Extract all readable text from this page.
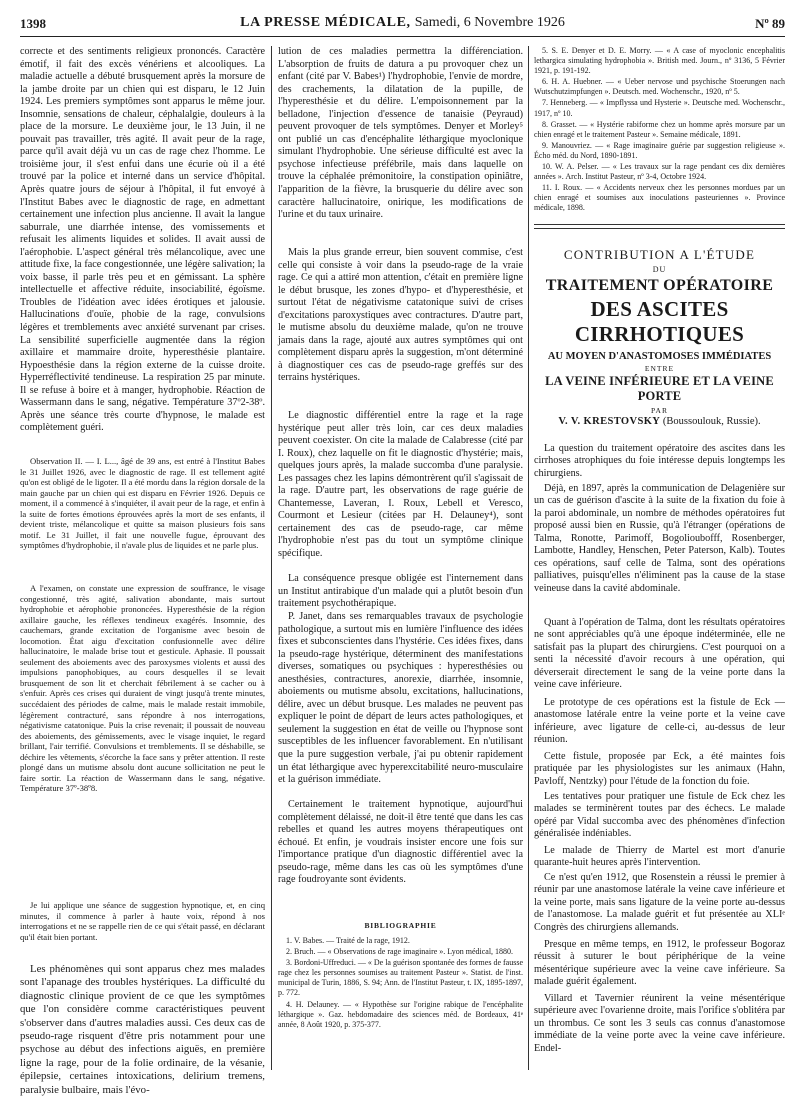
1398	LA PRESSE MÉDICALE, Samedi, 6 Novembre 1926	Nº 89

correcte et des sentiments religieux prononcés. Caractère émotif, il fait des excès vénériens et alcooliques. La maladie actuelle a débuté brusquement après la morsure de la jambe droite par un chien qui est disparu, le 12 Juin 1924. Les premiers symptômes sont apparus le même jour. Insomnie, sensations de chaleur, céphalalgie, douleurs à la place de la morsure. Le deuxième jour, le 13 Juin, il ne pouvait pas travailler, très agité. Il avait peur de la rage, parce qu'il avait déjà vu un cas de rage chez l'homme. Le troisième jour, il s'est enfui dans une écurie où il a été trouvé par la police et interné dans un service d'hôpital. Après quatre jours de séjour à l'hôpital, il fut envoyé à l'Institut Babes avec le diagnostic de rage, en admettant certainement une infection plus ancienne. Il avait la langue saburrale, une diarrhée intense, des vomissements et refusait les aliments liquides et solides. Il avait aussi de l'aérophobie. L'aspect général très mélancolique, avec une attitude fixe, la face congestionnée, une légère salivation; la voix basse, il parle très peu et en gémissant. La sphère intellectuelle et affective réduite, insociabilité, égoïsme. Troubles de l'idéation avec idées érotiques et jalousie. Hallucinations d'ouïe, phobie de la rage, convulsions légères et tremblements avec anxiété survenant par crises. La sensibilité superficielle augmentée dans la région axillaire et mammaire droite, hyperesthésie plantaire. Hypoesthésie dans la région externe de la cuisse droite. Hyperréflectivité tendineuse. La respiration 25 par minute. Il se refuse à boire et à manger, hydrophobie. Réaction de Wassermann dans le sang, négative. Température 37º2-38º. Après une séance très courte d'hypnose, le malade est complètement guéri.

Observation II. — I. L..., âgé de 39 ans, est entré à l'Institut Babes le 31 Juillet 1926, avec le diagnostic de rage. Il est tellement agité qu'on est obligé de le ligoter. Il a été mordu dans la région dorsale de la main gauche par un chien qui est disparu en Février 1926. Depuis ce moment, il a commencé à s'inquiéter, il avait peur de la rage, et enfin à la suite de fortes émotions éprouvées après la mort de ses enfants, il devient triste, mélancolique et quitte sa maison plusieurs fois sans motif. Le 31 Juillet, il fait une nouvelle fugue, éprouvant des symptômes d'hydrophobie, il n'avale plus de liquides et ne parle plus.

A l'examen, on constate une expression de souffrance, le visage congestionné, très agité, salivation abondante, mais surtout hydrophobie et aérophobie prononcées. Hyperesthésie de la région axillaire gauche, les réflexes tendineux exagérés. Insomnie, des cauchemars, grande excitation de l'organisme avec besoin de locomotion. État aigu d'excitation confusionnelle avec délire hallucinatoire, le malade brise tout et gesticule. Aphasie. Il poussait seulement des aboiements avec des paroxysmes violents et aussi des impulsions panophobiques, au cours desquelles il se levait brusquement de son lit et cherchait fébrilement à se cacher ou à s'enfuir. Après ces crises qui duraient de vingt jusqu'à trente minutes, succédaient des périodes de calme, mais le malade restait immobile, légèrement contracturé, sans répondre à nos interrogations, négativisme catatonique. Puis la crise revenait; il poussait de nouveau des aboiements, des gémissements, avec le visage inquiet, le regard brillant, l'air terrifié. Convulsions et tremblements. Il se déshabille, se déchire les vêtements, s'écorche la face sans y prêter attention. Il reste plongé dans un mutisme absolu dont aucune sollicitation ne peut le faire sortir. La réaction de Wassermann dans le sang, négative. Température 37º-38º8.

Je lui applique une séance de suggestion hypnotique, et, en cinq minutes, il commence à parler à haute voix, répond à nos interrogations et ne se rappelle rien de ce qui s'était passé, en déclarant qu'il était bien portant.

Les phénomènes qui sont apparus chez mes malades sont l'apanage des troubles hystériques. La difficulté du diagnostic clinique provient de ce que les symptômes que l'on considère comme caractéristiques peuvent s'observer dans d'autres maladies aussi. Ces deux cas de pseudo-rage risquent d'être pris notamment pour une psychose au début des infections aiguës, en première ligne la rage, pour de la folie ordinaire, de la vésanie, épilepsie, certaines intoxications, delirium tremens, paralysie bulbaire, mais l'évo-

lution de ces maladies permettra la différenciation. L'absorption de fruits de datura a pu provoquer chez un enfant (cité par V. Babes¹) l'hydrophobie, l'envie de mordre, des crachements, la dilatation de la pupille, de l'hyperesthésie et du délire. L'empoisonnement par la belladone, l'injection d'essence de tanaisie (Peyraud) peuvent provoquer de tels symptômes. Denyer et Morley⁵ ont publié un cas d'encéphalite léthargique myoclonique simulant l'hydrophobie. Une sérieuse difficulté est avec la psychose infectieuse préfébrile, mais dans laquelle on trouve la céphalée prémonitoire, la constipation opiniâtre, l'apparition de la fièvre, la brusquerie du délire avec son caractère hallucinatoire, onirique, les modifications de l'urine et du taux urinaire.

Mais la plus grande erreur, bien souvent commise, c'est celle qui consiste à voir dans la pseudo-rage de la vraie rage. Ce qui a attiré mon attention, c'était en première ligne le début brusque, les zones d'hypo- et d'hyperesthésie, et surtout l'état de négativisme catatonique suivi de crises d'excitations paroxystiques avec contractures. D'autre part, le mutisme absolu du deuxième malade, qu'on ne trouve jamais dans la rage, ajouté aux autres symptômes qui ont complètement disparu après la suggestion, m'ont déterminé à diagnostiquer ces cas de pseudo-rage greffés sur des terrains hystériques.

Le diagnostic différentiel entre la rage et la rage hystérique peut aller très loin, car ces deux maladies peuvent coexister. On cite la malade de Calabresse (cité par I. Roux), chez laquelle on fit le diagnostic d'hystérie; mais, quelques jours après, la malade succomba d'une paralysie. Les passages chez les lapins démontrèrent qu'il s'agissait de la rage. D'autre part, les observations de rage guérie de Chantemesse, Laveran, I. Roux, Lebell et Veresco, Courmont et Lesieur (citées par H. Delauney⁴), sont certainement des cas de pseudo-rage, car même l'hydrophobie n'est pas du tout un symptôme clinique spécifique.

La conséquence presque obligée est l'internement dans un Institut antirabique d'un malade qui a plutôt besoin d'un traitement psychothérapique.

P. Janet, dans ses remarquables travaux de psychologie pathologique, a surtout mis en lumière l'influence des idées fixes et subconscientes dans l'hystérie. Ces idées fixes, dans la pseudo-rage hystérique, déterminent des manifestations diverses, somatiques ou psychiques : hyperesthésies ou anesthésies, contractures, anorexie, diarrhée, insomnie, aboiements ou mutisme absolu, excitations, hallucinations, délire, avec un début brusque. Les malades ne peuvent pas expliquer le point de départ de leurs actes pathologiques, et seulement la suggestion en état de veille ou l'hypnose sont susceptibles de les influencer favorablement. En n'utilisant que la pure suggestion verbale, j'ai pu obtenir rapidement un état léthargique avec hyperexcitabilité neuro-musculaire et la guérison immédiate.

Certainement le traitement hypnotique, aujourd'hui complètement délaissé, ne doit-il être tenté que dans les cas rebelles et quand les autres moyens thérapeutiques ont échoué. Et enfin, je voudrais insister encore une fois sur l'importance pratique d'un diagnostic différentiel avec la pseudo-rage, même dans les cas où les symptômes d'une rage foudroyante sont évidents.

BIBLIOGRAPHIE

1. V. Babes. — Traité de la rage, 1912.

2. Bruch. — « Observations de rage imaginaire ». Lyon médical, 1880.

3. Bordoni-Uffreduci. — « De la guérison spontanée des formes de fausse rage chez les personnes soumises au traitement Pasteur ». Statist. de l'inst. municipal de Turin, 1886, S. 94; Ann. de l'Institut Pasteur, t. IX, 1895-1897, p. 772.

4. H. Delauney. — « Hypothèse sur l'origine rabique de l'encéphalite léthargique ». Gaz. hebdomadaire des sciences méd. de Bordeaux, 41ᵉ année, 8 Août 1920, p. 375-377.

5. S. E. Denyer et D. E. Morry. — « A case of myoclonic encephalitis lethargica simulating hydrophobia ». British med. Journ., nº 3136, 5 Février 1921, p. 191-192.

6. H. A. Huebner. — « Ueber nervose und psychische Stoerungen nach Wutschutzimpfungen ». Deutsch. med. Wochenschr., 1920, nº 5.

7. Henneberg. — « Impflyssa und Hysterie ». Deutsche med. Wochenschr., 1917, nº 10.

8. Grasset. — « Hystérie rabiforme chez un homme après morsure par un chien enragé et le traitement Pasteur ». Semaine médicale, 1891.

9. Manouvriez. — « Rage imaginaire guérie par suggestion religieuse ». Écho méd. du Nord, 1890-1891.

10. W. A. Pelser. — « Les travaux sur la rage pendant ces dix dernières années ». Arch. Institut Pasteur, nº 3-4, Octobre 1924.

11. I. Roux. — « Accidents nerveux chez les personnes mordues par un chien enragé et soumises aux inoculations pasteuriennes ». Province médicale, 1898.

CONTRIBUTION A L'ÉTUDE
DU
TRAITEMENT OPÉRATOIRE
DES ASCITES CIRRHOTIQUES
AU MOYEN D'ANASTOMOSES IMMÉDIATES
ENTRE
LA VEINE INFÉRIEURE ET LA VEINE PORTE
PAR
V. V. KRESTOVSKY (Boussoulouk, Russie).

La question du traitement opératoire des ascites dans les cirrhoses atrophiques du foie intéresse depuis longtemps les chirurgiens.

Déjà, en 1897, après la communication de Delagenière sur un cas de guérison d'ascite à la suite de la fixation du foie à la paroi abdominale, un nombre de méthodes opératoires fut proposé aussi bien en Russie, qu'à l'étranger (opérations de Talma, Ronotte, Parimoff, Bogolioubofff, Rosenberger, Lambotte, Handley, Henschen, Peter Paterson, Kalb). Toutes ces opérations, sauf celle de Talma, sont des opérations palliatives, puisqu'elles n'éliminent pas la cause de la stase veineuse dans la cavité abdominale.

Quant à l'opération de Talma, dont les résultats opératoires ne sont appréciables qu'à une époque indéterminée, elle ne satisfait pas la plupart des chirurgiens. C'est pourquoi on a senti la nécessité d'avoir recours à une opération, qui déverserait directement le sang de la veine porte dans la veine cave inférieure.

Le prototype de ces opérations est la fistule de Eck — anastomose latérale entre la veine porte et la veine cave inférieure, avec ligature de celle-ci, au-dessus de leur réunion.

Cette fistule, proposée par Eck, a été maintes fois pratiquée par les physiologistes sur les animaux (Hahn, Pavloff, Nentzky) pour l'étude de la fonction du foie.

Les tentatives pour pratiquer une fistule de Eck chez les malades se terminèrent toutes par des échecs. Le malade opéré par Vidal succomba avec des phénomènes d'infection généralisée indéniables.

Le malade de Thierry de Martel est mort d'anurie quarante-huit heures après l'intervention.

Ce n'est qu'en 1912, que Rosenstein a réussi le premier à réunir par une anastomose latérale la veine cave inférieure et la veine porte, mais sans ligature de la veine porte au-dessus de l'anastomose. La malade guérit et fut présentée au XLIᵉ Congrès des chirurgiens allemands.

Presque en même temps, en 1912, le professeur Bogoraz réussit à suturer le bout périphérique de la veine mésentérique supérieure avec la veine cave inférieure. Sa malade guérit également.

Villard et Tavernier réunirent la veine mésentérique supérieure avec l'ovarienne droite, mais l'orifice s'oblitéra par un thrombus. Ce sont les 3 seuls cas connus d'anastomose immédiate de la veine porte avec la veine cave inférieure. Endel-
